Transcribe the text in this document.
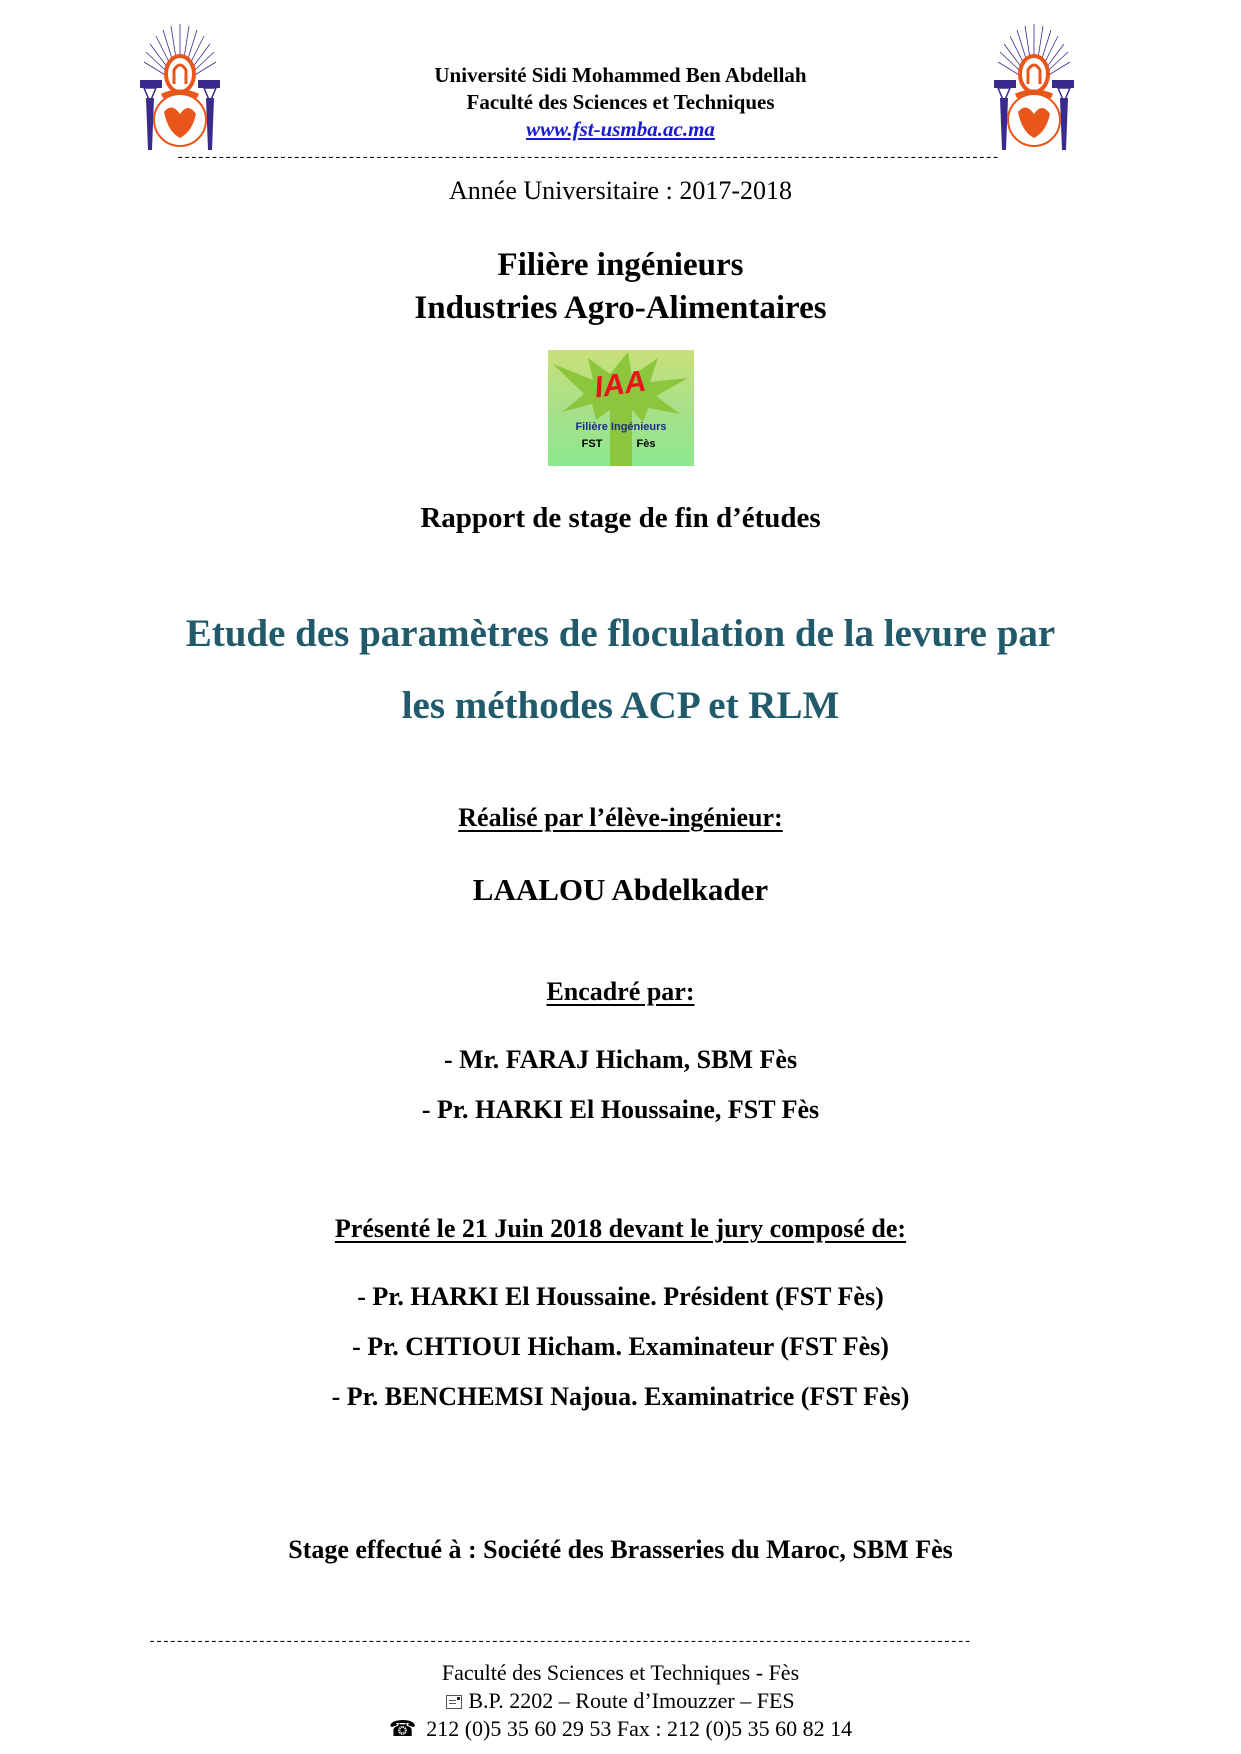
Université Sidi Mohammed Ben Abdellah
Faculté des Sciences et Techniques
www.fst-usmba.ac.ma
------------------------------------------------------------------------------------------------------------------------
Année Universitaire : 2017-2018
Filière ingénieurs
Industries Agro-Alimentaires
IAA
Filière Ingénieurs
FST	Fès
Rapport de stage de fin d’études
Etude des paramètres de floculation de la levure par
les méthodes ACP et RLM
Réalisé par l’élève-ingénieur:
LAALOU Abdelkader
Encadré par:
- Mr. FARAJ Hicham, SBM Fès
- Pr. HARKI El Houssaine, FST Fès
Présenté le 21 Juin 2018 devant le jury composé de:
- Pr. HARKI El Houssaine. Président (FST Fès)
- Pr. CHTIOUI Hicham. Examinateur (FST Fès)
- Pr. BENCHEMSI Najoua. Examinatrice (FST Fès)
Stage effectué à : Société des Brasseries du Maroc, SBM Fès
------------------------------------------------------------------------------------------------------------------------
Faculté des Sciences et Techniques - Fès
B.P. 2202 – Route d’Imouzzer – FES
☎ 212 (0)5 35 60 29 53 Fax : 212 (0)5 35 60 82 14
